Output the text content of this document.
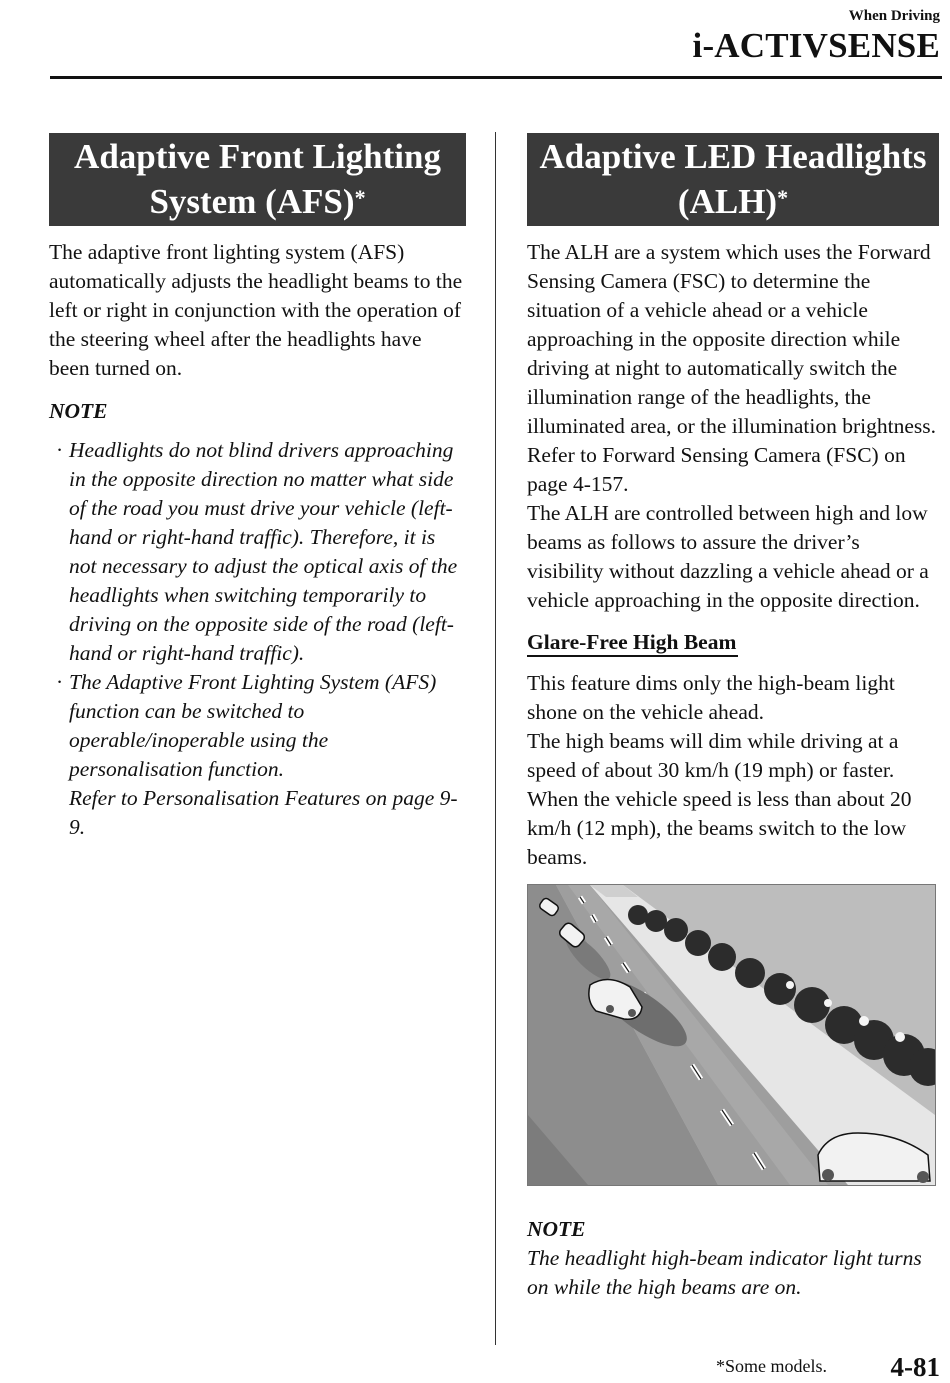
When Driving
i-ACTIVSENSE
Adaptive Front Lighting
System (AFS)*

The adaptive front lighting system (AFS) automatically adjusts the headlight beams to the left or right in conjunction with the operation of the steering wheel after the headlights have been turned on.

NOTE

· Headlights do not blind drivers approaching in the opposite direction no matter what side of the road you must drive your vehicle (left-hand or right-hand traffic). Therefore, it is not necessary to adjust the optical axis of the headlights when switching temporarily to driving on the opposite side of the road (left-hand or right-hand traffic).
· The Adaptive Front Lighting System (AFS) function can be switched to operable/inoperable using the personalisation function.
Refer to Personalisation Features on page 9-9.
Adaptive LED Headlights
(ALH)*

The ALH are a system which uses the Forward Sensing Camera (FSC) to determine the situation of a vehicle ahead or a vehicle approaching in the opposite direction while driving at night to automatically switch the illumination range of the headlights, the illuminated area, or the illumination brightness.

Refer to Forward Sensing Camera (FSC) on page 4-157.

The ALH are controlled between high and low beams as follows to assure the driver’s visibility without dazzling a vehicle ahead or a vehicle approaching in the opposite direction.

Glare-Free High Beam

This feature dims only the high-beam light shone on the vehicle ahead.

The high beams will dim while driving at a speed of about 30 km/h (19 mph) or faster. When the vehicle speed is less than about 20 km/h (12 mph), the beams switch to the low beams.

NOTE

The headlight high-beam indicator light turns on while the high beams are on.

*Some models. 4-81
